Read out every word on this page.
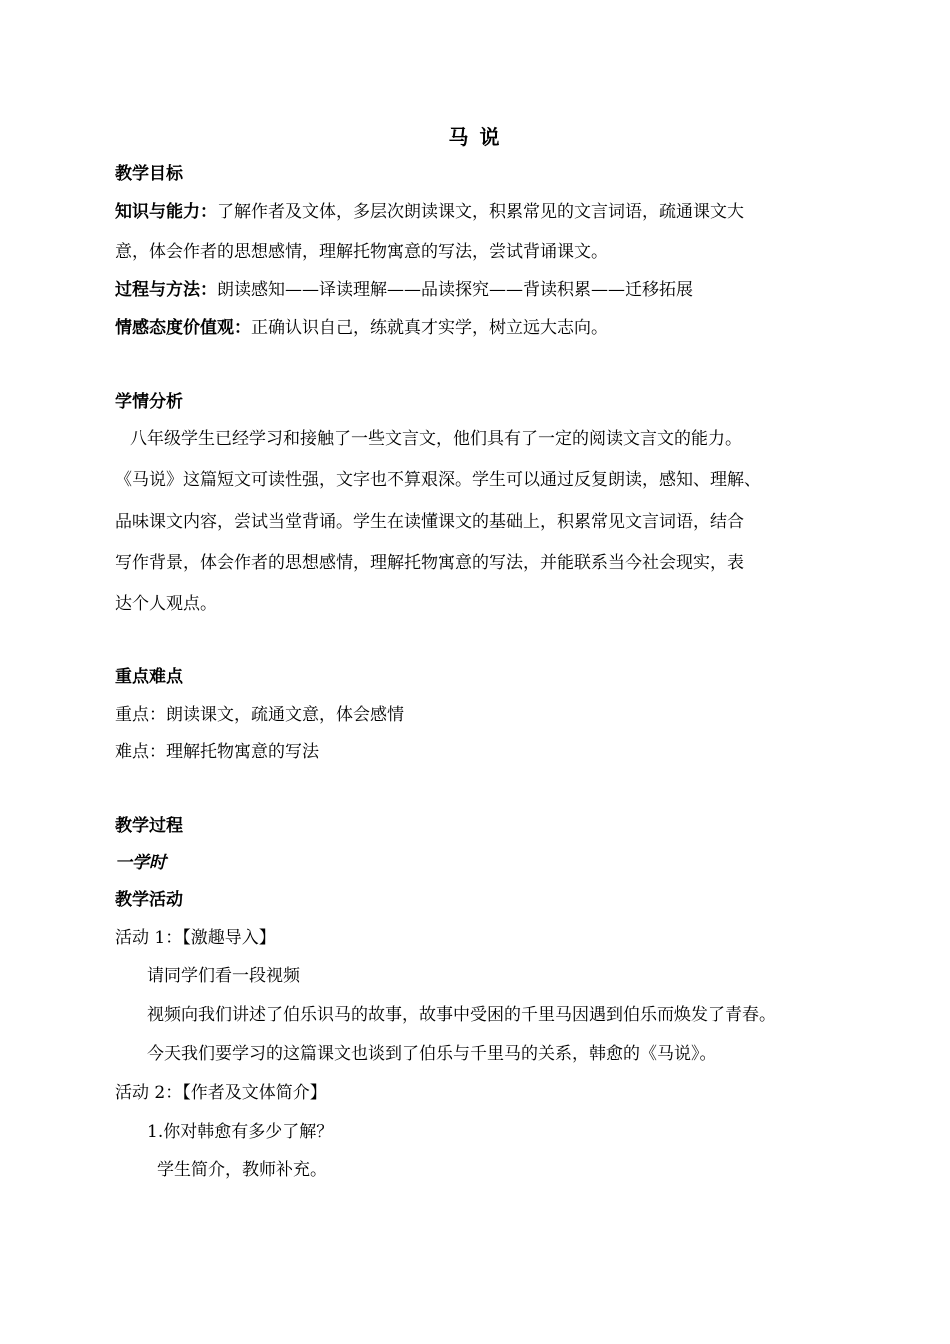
马 说
教学目标
知识与能力：了解作者及文体，多层次朗读课文，积累常见的文言词语，疏通课文大
意，体会作者的思想感情，理解托物寓意的写法，尝试背诵课文。
过程与方法：朗读感知——译读理解——品读探究——背读积累——迁移拓展
情感态度价值观：正确认识自己，练就真才实学，树立远大志向。
学情分析
八年级学生已经学习和接触了一些文言文，他们具有了一定的阅读文言文的能力。
《马说》这篇短文可读性强，文字也不算艰深。学生可以通过反复朗读，感知、理解、
品味课文内容，尝试当堂背诵。学生在读懂课文的基础上，积累常见文言词语，结合
写作背景，体会作者的思想感情，理解托物寓意的写法，并能联系当今社会现实，表
达个人观点。
重点难点
重点：朗读课文，疏通文意，体会感情
难点：理解托物寓意的写法
教学过程
一学时
教学活动
活动 1：【激趣导入】
请同学们看一段视频
视频向我们讲述了伯乐识马的故事，故事中受困的千里马因遇到伯乐而焕发了青春。
今天我们要学习的这篇课文也谈到了伯乐与千里马的关系，韩愈的《马说》。
活动 2：【作者及文体简介】
1.你对韩愈有多少了解？
学生简介，教师补充。
